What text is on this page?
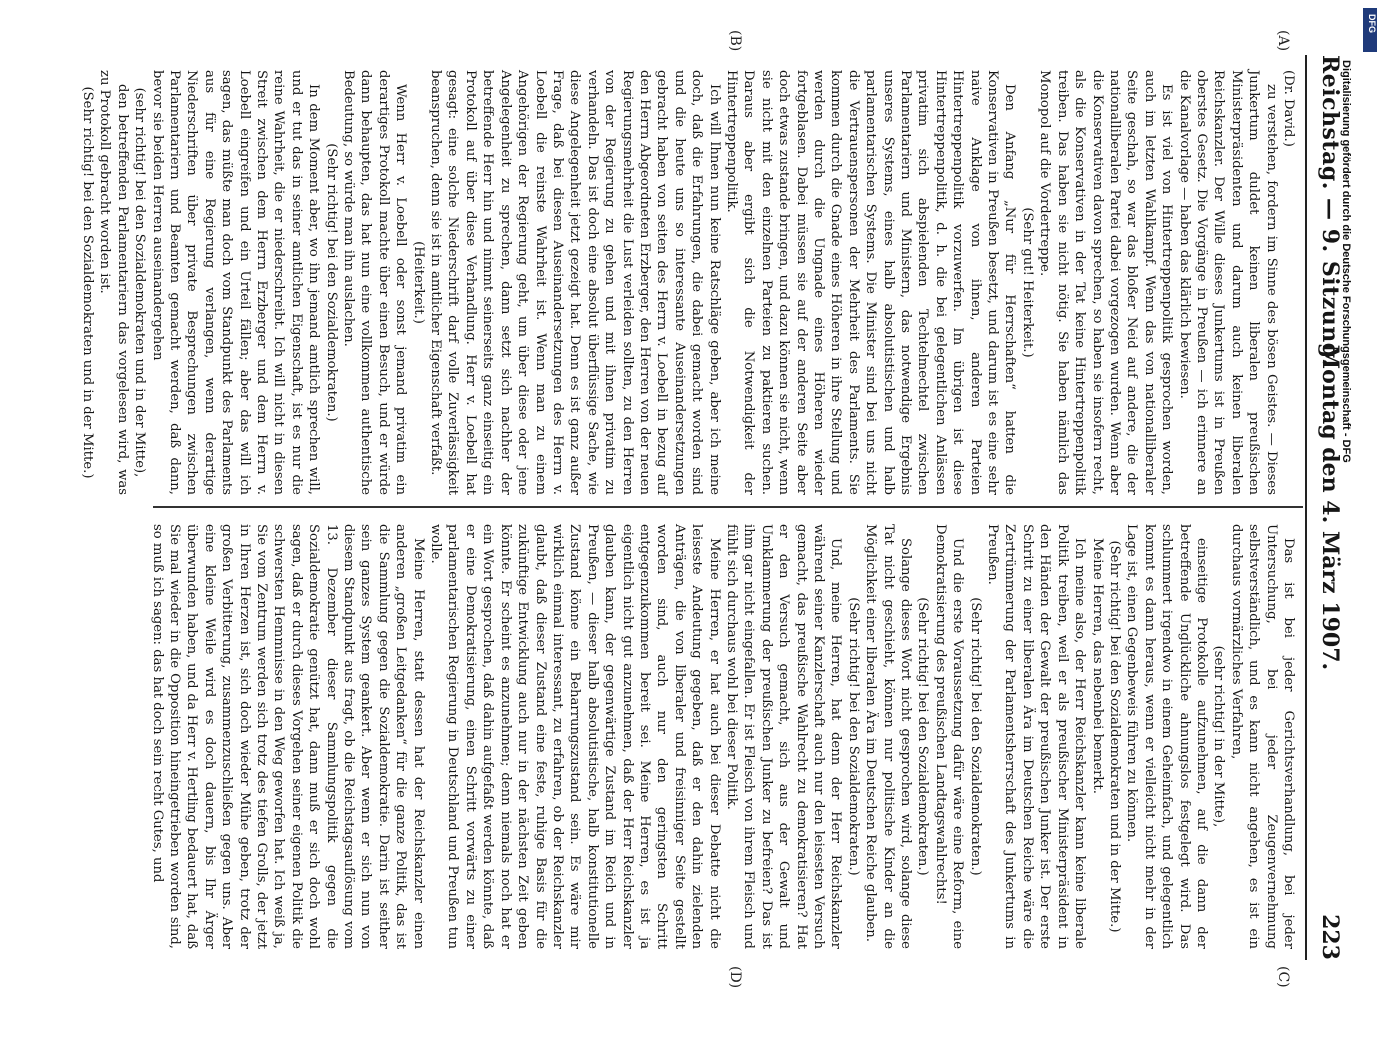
Reichstag. — 9. Sitzung.
Montag den 4. März 1907.
223
(A)
(B)
(C)
(D)

(Dr. David.)

zu verstehen, fordern im Sinne des bösen Geistes. — Dieses Junkertum duldet keinen liberalen preußischen Ministerpräsidenten und darum auch keinen liberalen Reichskanzler. Der Wille dieses Junkertums ist in Preußen oberstes Gesetz. Die Vorgänge in Preußen — ich erinnere an die Kanalvorlage — haben das klärlich bewiesen.

Es ist viel von Hintertreppenpolitik gesprochen worden, auch im letzten Wahlkampf. Wenn das von nationalliberaler Seite geschah, so war das bloßer Neid auf andere, die der nationalliberalen Partei dabei vorgezogen wurden. Wenn aber die Konservativen davon sprechen, so haben sie insofern recht, als die Konservativen in der Tat keine Hintertreppenpolitik treiben. Das haben sie nicht nötig. Sie haben nämlich das Monopol auf die Vordertreppe.

(Sehr gut! Heiterkeit.)

Den Anfang „Nur für Herrschaften“ hatten die Konservativen in Preußen besetzt, und darum ist es eine sehr naive Anklage von ihnen, anderen Parteien Hintertreppenpolitik vorzuwerfen. Im übrigen ist diese Hintertreppenpolitik, d. h. die bei gelegentlichen Anlässen privatim sich abspielenden Techtelmechtel zwischen Parlamentariern und Ministern, das notwendige Ergebnis unseres Systems, eines halb absolutistischen und halb parlamentarischen Systems. Die Minister sind bei uns nicht die Vertrauenspersonen der Mehrheit des Parlaments. Sie kommen durch die Gnade eines Höheren in ihre Stellung und werden durch die Ungnade eines Höheren wieder fortgeblasen. Dabei müssen sie auf der anderen Seite aber doch etwas zustande bringen, und dazu können sie nicht, wenn sie nicht mit den einzelnen Parteien zu paktieren suchen. Daraus aber ergibt sich die Notwendigkeit der Hintertreppenpolitik.

Ich will Ihnen nun keine Ratschläge geben, aber ich meine doch, daß die Erfahrungen, die dabei gemacht worden sind und die heute uns so interessante Auseinandersetzungen gebracht haben von seiten des Herrn v. Loebell in bezug auf den Herrn Abgeordneten Erzberger, den Herren von der neuen Regierungsmehrheit die Lust verleiden sollten, zu den Herren von der Regierung zu gehen und mit ihnen privatim zu verhandeln. Das ist doch eine absolut überflüssige Sache, wie diese Angelegenheit jetzt gezeigt hat. Denn es ist ganz außer Frage, daß bei diesen Auseinandersetzungen des Herrn v. Loebell die reinste Wahrheit ist. Wenn man zu einem Angehörigen der Regierung geht, um über diese oder jene Angelegenheit zu sprechen, dann setzt sich nachher der betreffende Herr hin und nimmt seinerseits ganz einseitig ein Protokoll auf über diese Verhandlung. Herr v. Loebell hat gesagt: eine solche Niederschrift darf volle Zuverlässigkeit beanspruchen, denn sie ist in amtlicher Eigenschaft verfaßt.

(Heiterkeit.)

Wenn Herr v. Loebell oder sonst jemand privatim ein derartiges Protokoll machte über einen Besuch, und er würde dann behaupten, das hat nun eine vollkommen authentische Bedeutung, so würde man ihn auslachen.

(Sehr richtig! bei den Sozialdemokraten.)

In dem Moment aber, wo ihn jemand amtlich sprechen will, und er tut das in seiner amtlichen Eigenschaft, ist es nur die reine Wahrheit, die er niederschreibt. Ich will nicht in diesen Streit zwischen dem Herrn Erzberger und dem Herrn v. Loebell eingreifen und ein Urteil fällen; aber das will ich sagen, das müßte man doch vom Standpunkt des Parlaments aus für eine Regierung verlangen, wenn derartige Niederschriften über private Besprechungen zwischen Parlamentariern und Beamten gemacht werden, daß dann, bevor sie beiden Herren auseinandergehen

(sehr richtig! bei den Sozialdemokraten und in der Mitte),

den betreffenden Parlamentariern das vorgelesen wird, was zu Protokoll gebracht worden ist.

(Sehr richtig! bei den Sozialdemokraten und in der Mitte.)

Das ist bei jeder Gerichtsverhandlung, bei jeder Untersuchung, bei jeder Zeugenvernehmung selbstverständlich, und es kann nicht angehen, es ist ein durchaus vormärzliches Verfahren,

(sehr richtig! in der Mitte),

einseitige Protokolle aufzunehmen, auf die dann der betreffende Unglückliche ahnungslos festgelegt wird. Das schlummert irgendwo in einem Geheimfach, und gelegentlich kommt es dann heraus, wenn er vielleicht nicht mehr in der Lage ist, einen Gegenbeweis führen zu können.

(Sehr richtig! bei den Sozialdemokraten und in der Mitte.)

Meine Herren, das nebenbei bemerkt.

Ich meine also, der Herr Reichskanzler kann keine liberale Politik treiben, weil er als preußischer Ministerpräsident in den Händen der Gewalt der preußischen Junker ist. Der erste Schritt zu einer liberalen Ära im Deutschen Reiche wäre die Zertrümmerung der Parlamentsherrschaft des Junkertums in Preußen.

(Sehr richtig! bei den Sozialdemokraten.)

Und die erste Voraussetzung dafür wäre eine Reform, eine Demokratisierung des preußischen Landtagswahlrechts!

(Sehr richtig! bei den Sozialdemokraten.)

Solange dieses Wort nicht gesprochen wird, solange diese Tat nicht geschieht, können nur politische Kinder an die Möglichkeit einer liberalen Ära im Deutschen Reiche glauben.

(Sehr richtig! bei den Sozialdemokraten.)

Und, meine Herren, hat denn der Herr Reichskanzler während seiner Kanzlerschaft auch nur den leisesten Versuch gemacht, das preußische Wahlrecht zu demokratisieren? Hat er den Versuch gemacht, sich aus der Gewalt und Umklammerung der preußischen Junker zu befreien? Das ist ihm gar nicht eingefallen. Er ist Fleisch von ihrem Fleisch und fühlt sich durchaus wohl bei dieser Politik.

Meine Herren, er hat auch bei dieser Debatte nicht die leiseste Andeutung gegeben, daß er den dahin zielenden Anträgen, die von liberaler und freisinniger Seite gestellt worden sind, auch nur den geringsten Schritt entgegenzukommen bereit sei. Meine Herren, es ist ja eigentlich nicht gut anzunehmen, daß der Herr Reichskanzler glauben kann, der gegenwärtige Zustand im Reich und in Preußen, — dieser halb absolutistische, halb konstitutionelle Zustand könne ein Beharrungszustand sein. Es wäre mir wirklich einmal interessant, zu erfahren, ob der Reichskanzler glaubt, daß dieser Zustand eine feste, ruhige Basis für die zukünftige Entwicklung auch nur in der nächsten Zeit geben könnte. Er scheint es anzunehmen; denn niemals noch hat er ein Wort gesprochen, daß dahin aufgefaßt werden könnte, daß er eine Demokratisierung, einen Schritt vorwärts zu einer parlamentarischen Regierung in Deutschland und Preußen tun wolle.

Meine Herren, statt dessen hat der Reichskanzler einen anderen „großen Leitgedanken“ für die ganze Politik, das ist die Sammlung gegen die Sozialdemokratie. Darin ist seither sein ganzes System geankert. Aber wenn er sich nun von diesem Standpunkt aus fragt, ob die Reichstagsauflösung vom 13. Dezember dieser Sammlungspolitik gegen die Sozialdemokratie genützt hat, dann muß er sich doch wohl sagen, daß er durch dieses Vorgehen seiner eigenen Politik die schwersten Hemmnisse in den Weg geworfen hat. Ich weiß ja, Sie vom Zentrum werden sich trotz des tiefen Grolls, der jetzt in Ihren Herzen ist, sich doch wieder Mühe geben, trotz der großen Verbitterung, zusammenzuschließen gegen uns. Aber eine kleine Weile wird es doch dauern, bis Ihr Ärger überwunden haben, und da Herr v. Hertling bedauert hat, daß Sie mal wieder in die Opposition hineingetrieben worden sind, so muß ich sagen: das hat doch sein recht Gutes, und

Digitalisierung gefördert durch die Deutsche Forschungsgemeinschaft - DFG
DFG
